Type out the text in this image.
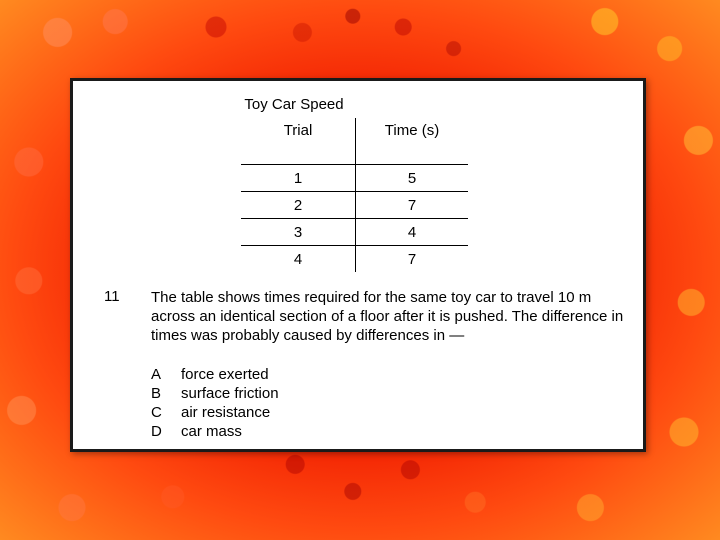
Toy Car Speed
Trial	Time (s)

1	5
2	7
3	4
4	7
11 The table shows times required for the same toy car to travel 10 m across an identical section of a floor after it is pushed. The difference in times was probably caused by differences in —

A	force exerted
B	surface friction
C	air resistance
D	car mass
